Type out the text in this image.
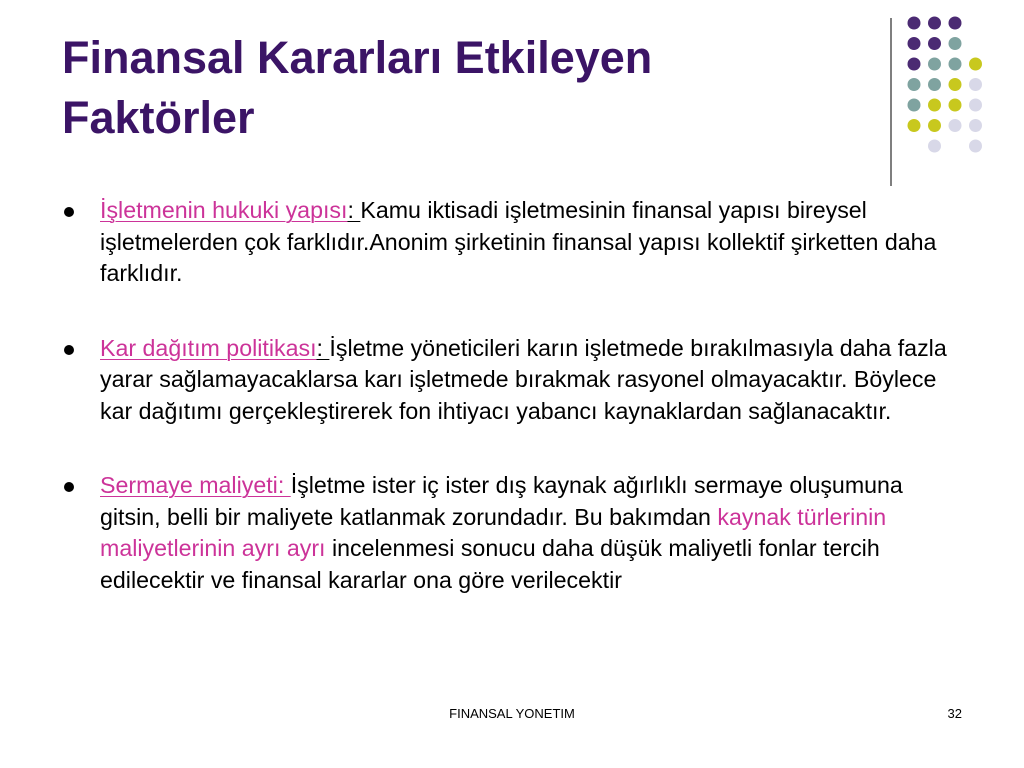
Finansal Kararları Etkileyen
Faktörler
İşletmenin hukuki yapısı: Kamu iktisadi işletmesinin finansal yapısı bireysel işletmelerden çok farklıdır.Anonim şirketinin finansal yapısı kollektif şirketten daha farklıdır.
Kar dağıtım politikası: İşletme yöneticileri karın işletmede bırakılmasıyla daha fazla yarar sağlamayacaklarsa karı işletmede bırakmak rasyonel olmayacaktır. Böylece kar dağıtımı gerçekleştirerek fon ihtiyacı yabancı kaynaklardan sağlanacaktır.
Sermaye maliyeti: İşletme ister iç ister dış kaynak ağırlıklı sermaye oluşumuna gitsin, belli bir maliyete katlanmak zorundadır. Bu bakımdan kaynak türlerinin maliyetlerinin ayrı ayrı incelenmesi sonucu daha düşük maliyetli fonlar tercih edilecektir ve finansal kararlar ona göre verilecektir
FINANSAL YONETIM	32
